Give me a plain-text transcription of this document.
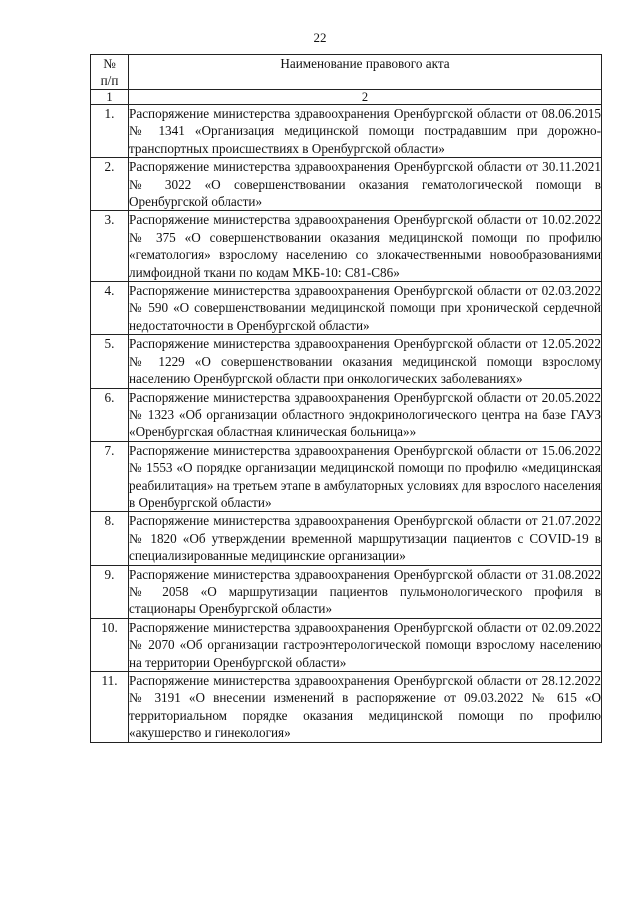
22
№
п/п	Наименование правового акта
1	2
1.	Распоряжение министерства здравоохранения Оренбургской области от 08.06.2015 № 1341 «Организация медицинской помощи пострадавшим при дорожно-транспортных происшествиях в Оренбургской области»
2.	Распоряжение министерства здравоохранения Оренбургской области от 30.11.2021 № 3022 «О совершенствовании оказания гематологической помощи в Оренбургской области»
3.	Распоряжение министерства здравоохранения Оренбургской области от 10.02.2022 № 375 «О совершенствовании оказания медицинской помощи по профилю «гематология» взрослому населению со злокачественными новообразованиями лимфоидной ткани по кодам МКБ-10: С81-С86»
4.	Распоряжение министерства здравоохранения Оренбургской области от 02.03.2022 № 590 «О совершенствовании медицинской помощи при хронической сердечной недостаточности в Оренбургской области»
5.	Распоряжение министерства здравоохранения Оренбургской области от 12.05.2022 № 1229 «О совершенствовании оказания медицинской помощи взрослому населению Оренбургской области при онкологических заболеваниях»
6.	Распоряжение министерства здравоохранения Оренбургской области от 20.05.2022 № 1323 «Об организации областного эндокринологического центра на базе ГАУЗ «Оренбургская областная клиническая больница»»
7.	Распоряжение министерства здравоохранения Оренбургской области от 15.06.2022 № 1553 «О порядке организации медицинской помощи по профилю «медицинская реабилитация» на третьем этапе в амбулаторных условиях для взрослого населения в Оренбургской области»
8.	Распоряжение министерства здравоохранения Оренбургской области от 21.07.2022 № 1820 «Об утверждении временной маршрутизации пациентов с COVID-19 в специализированные медицинские организации»
9.	Распоряжение министерства здравоохранения Оренбургской области от 31.08.2022 № 2058 «О маршрутизации пациентов пульмонологического профиля в стационары Оренбургской области»
10.	Распоряжение министерства здравоохранения Оренбургской области от 02.09.2022 № 2070 «Об организации гастроэнтерологической помощи взрослому населению на территории Оренбургской области»
11.	Распоряжение министерства здравоохранения Оренбургской области от 28.12.2022 № 3191 «О внесении изменений в распоряжение от 09.03.2022 № 615 «О территориальном порядке оказания медицинской помощи по профилю «акушерство и гинекология»
